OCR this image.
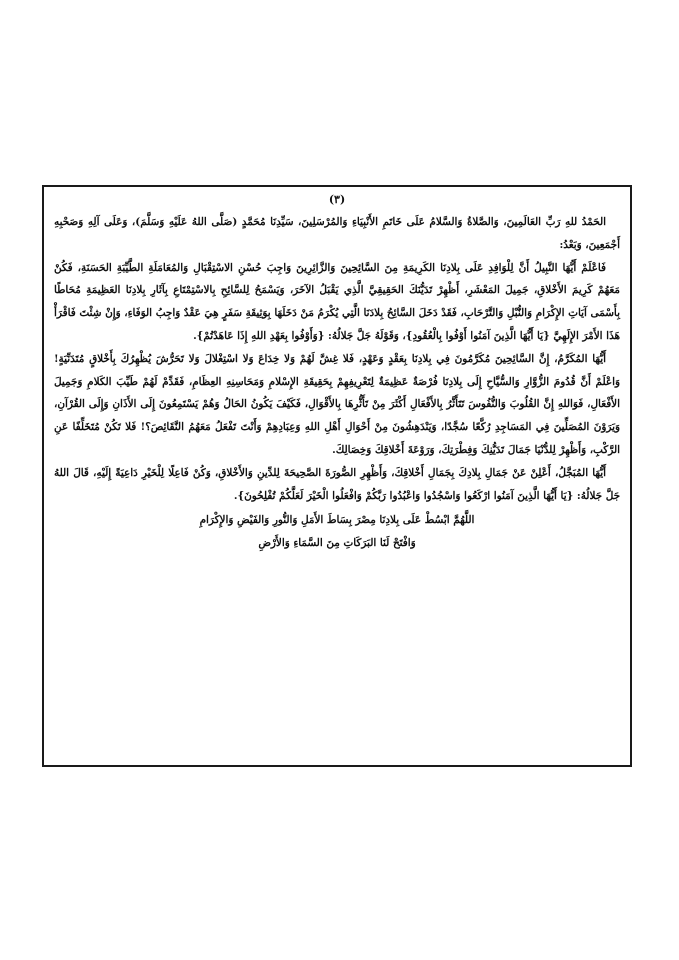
(٣)

الحَمْدُ للهِ رَبِّ العَالَمِينَ، وَالصَّلاةُ وَالسَّلامُ عَلَى خَاتَمِ الأَنْبِيَاءِ وَالمُرْسَلِينَ، سَيِّدِنَا مُحَمَّدٍ (صَلَّى اللهُ عَلَيْهِ وَسَلَّمَ)، وَعَلَى آلِهِ وَصَحْبِهِ أَجْمَعِينَ، وَبَعْدُ:

فَاعْلَمْ أَيُّهَا النَّبِيلُ أَنَّ لِلْوَافِدِ عَلَى بِلادِنَا الكَرِيمَةِ مِنَ السَّائِحِينَ وَالزَّائِرِينَ وَاجِبَ حُسْنِ الاسْتِقْبَالِ وَالمُعَامَلَةِ الطَّيِّبَةِ الحَسَنَةِ، فَكُنْ مَعَهُمْ كَرِيمَ الأَخْلاقِ، جَمِيلَ المَعْشَرِ، أَظْهِرْ تَدَيُّنَكَ الحَقِيقِيَّ الَّذِي يَقْبَلُ الآخَرَ، وَيَسْمَحُ لِلسَّائِحِ بِالاسْتِمْتَاعِ بِآثَارِ بِلادِنَا العَظِيمَةِ مُحَاطًا بِأَسْمَى آيَاتِ الإِكْرَامِ وَالنُّبْلِ وَالتَّرْحَابِ، فَقَدْ دَخَلَ السَّائِحُ بِلادَنَا الَّتِي يُكْرَمُ مَنْ دَخَلَهَا بِوَثِيقَةِ سَفَرٍ هِيَ عَقْدٌ وَاجِبُ الوَفَاءِ، وَإِنْ شِئْتَ فَاقْرَأْ هَذَا الأَمْرَ الإِلَهِيَّ {يَا أَيُّهَا الَّذِينَ آمَنُوا أَوْفُوا بِالْعُقُودِ}، وَقَوْلَهُ جَلَّ جَلالُهُ: {وَأَوْفُوا بِعَهْدِ اللهِ إِذَا عَاهَدْتُمْ}.

أَيُّهَا المُكَرَّمُ، إِنَّ السَّائِحِينَ مُكَرَّمُونَ فِي بِلادِنَا بِعَقْدٍ وَعَهْدٍ، فَلا غِشَّ لَهُمْ وَلا خِدَاعَ وَلا اسْتِغْلالَ وَلا تَحَرُّشَ يُظْهِرُكَ بِأَخْلاقٍ مُتَدَنِّيَةٍ! وَاعْلَمْ أَنَّ قُدُومَ الزُّوَّارِ وَالسُّيَّاحِ إِلَى بِلادِنَا فُرْصَةٌ عَظِيمَةٌ لِتَعْرِيفِهِمْ بِحَقِيقَةِ الإِسْلامِ وَمَحَاسِنِهِ العِظَامِ، فَقَدِّمْ لَهُمْ طَيِّبَ الكَلامِ وَجَمِيلَ الأَفْعَالِ، فَوَاللهِ إِنَّ القُلُوبَ وَالنُّفُوسَ تَتَأَثَّرُ بِالأَفْعَالِ أَكْثَرَ مِنْ تَأَثُّرِهَا بِالأَقْوَالِ، فَكَيْفَ يَكُونُ الحَالُ وَهُمْ يَسْتَمِعُونَ إِلَى الأَذَانِ وَإِلَى القُرْآنِ، وَيَرَوْنَ المُصَلِّينَ فِي المَسَاجِدِ رُكَّعًا سُجَّدًا، وَيَنْدَهِشُونَ مِنْ أَحْوَالِ أَهْلِ اللهِ وَعِبَادِهِمْ وَأَنْتَ تَفْعَلُ مَعَهُمُ النَّقَائِصَ؟! فَلا تَكُنْ مُتَخَلِّفًا عَنِ الرَّكْبِ، وَأَظْهِرْ لِلدُّنْيَا جَمَالَ تَدَيُّنِكَ وَفِطْرَتِكَ، وَرَوْعَةَ أَخْلاقِكَ وَخِصَالِكَ.

أَيُّهَا المُبَجَّلُ، أَعْلِنْ عَنْ جَمَالِ بِلادِكَ بِجَمَالِ أَخْلاقِكَ، وَأَظْهِرِ الصُّورَةَ الصَّحِيحَةَ لِلدِّينِ وَالأَخْلاقِ، وَكُنْ فَاعِلًا لِلْخَيْرِ دَاعِيَةً إِلَيْهِ، قَالَ اللهُ جَلَّ جَلالُهُ: {يَا أَيُّهَا الَّذِينَ آمَنُوا ارْكَعُوا وَاسْجُدُوا وَاعْبُدُوا رَبَّكُمْ وَافْعَلُوا الْخَيْرَ لَعَلَّكُمْ تُفْلِحُونَ}.

اللَّهُمَّ ابْسُطْ عَلَى بِلادِنَا مِصْرَ بِسَاطَ الأَمَلِ وَالنُّورِ وَالفَيْضِ وَالإِكْرَامِ

وَافْتَحْ لَنَا البَرَكَاتِ مِنَ السَّمَاءِ وَالأَرْضِ
